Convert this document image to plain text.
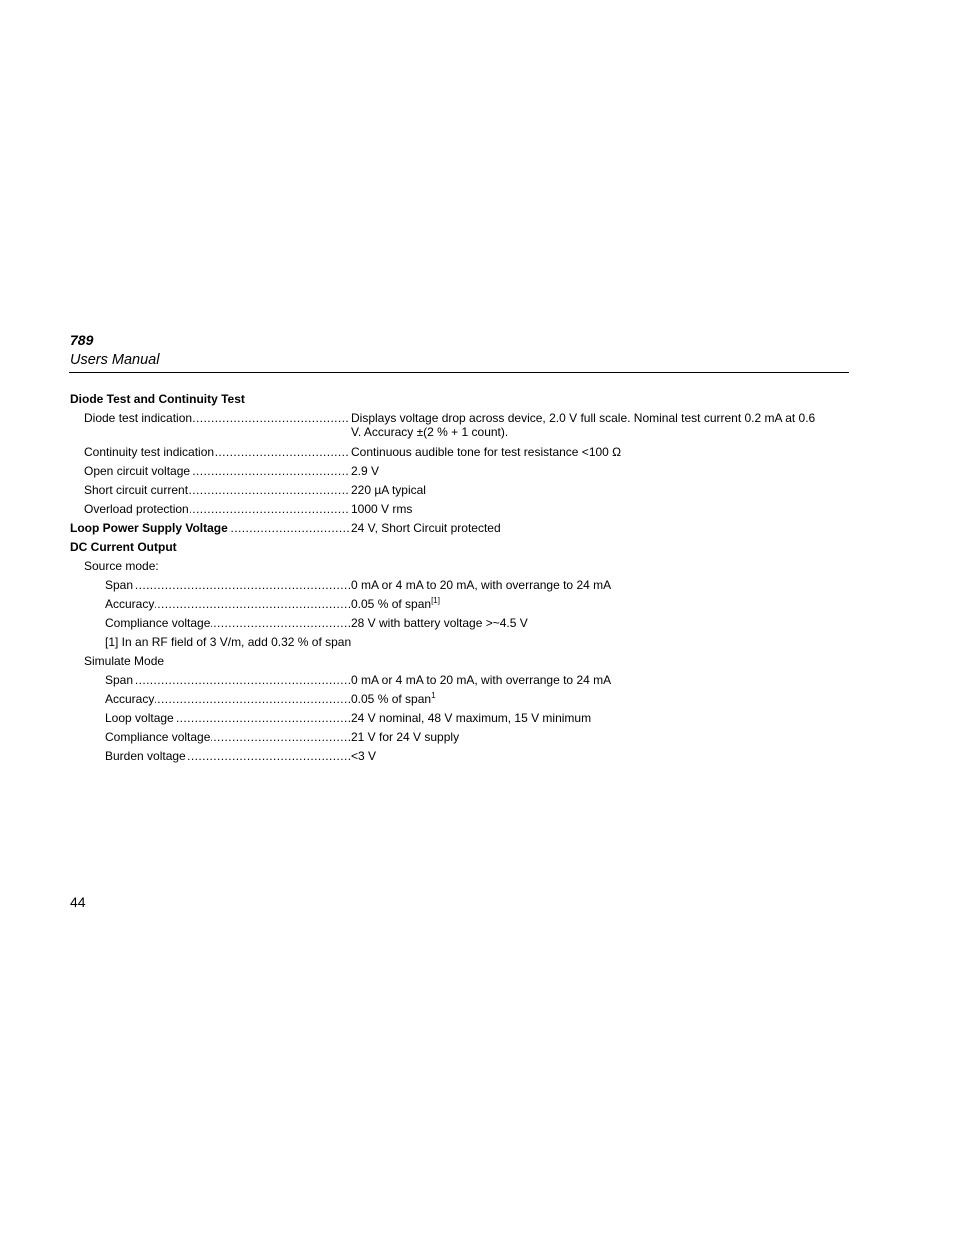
789
Users Manual
Diode Test and Continuity Test
Diode test indication .....	Displays voltage drop across device, 2.0 V full scale. Nominal test current 0.2 mA at 0.6 V. Accuracy ±(2 % + 1 count).
Continuity test indication .....	Continuous audible tone for test resistance <100 Ω
Open circuit voltage .....	2.9 V
Short circuit current .....	220 µA typical
Overload protection .....	1000 V rms
Loop Power Supply Voltage .....	24 V, Short Circuit protected
DC Current Output
Source mode:
Span .....	0 mA or 4 mA to 20 mA, with overrange to 24 mA
Accuracy .....	0.05 % of span[1]
Compliance voltage .....	28 V with battery voltage >~4.5 V
[1] In an RF field of 3 V/m, add 0.32 % of span
Simulate Mode
Span .....	0 mA or 4 mA to 20 mA, with overrange to 24 mA
Accuracy .....	0.05 % of span$^1$
Loop voltage .....	24 V nominal, 48 V maximum, 15 V minimum
Compliance voltage .....	21 V for 24 V supply
Burden voltage .....	<3 V
44
